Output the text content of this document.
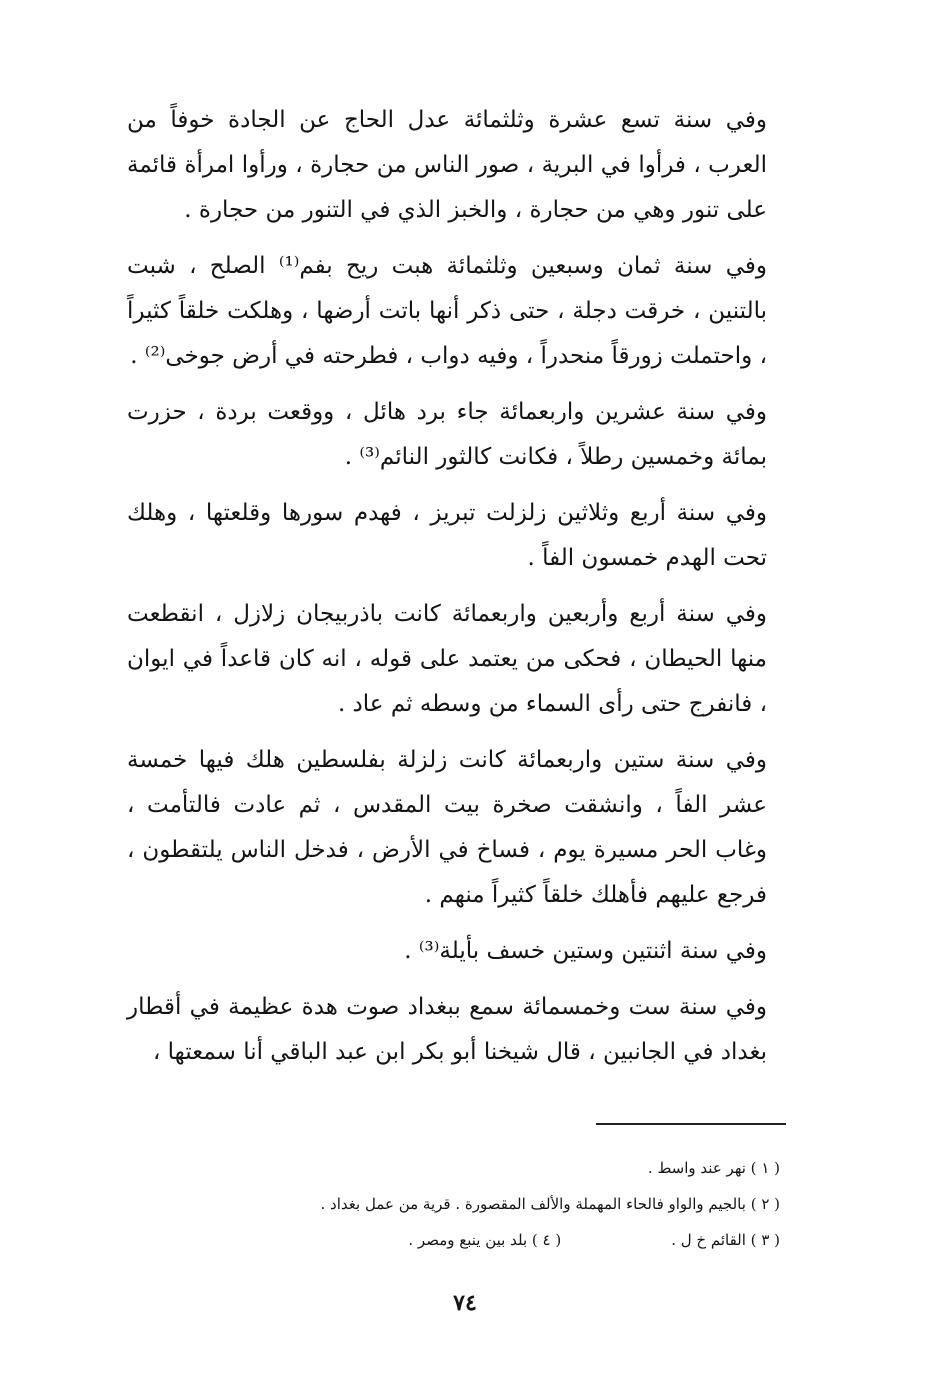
وفي سنة تسع عشرة وثلثمائة عدل الحاج عن الجادة خوفاً من العرب ، فرأوا في البرية ، صور الناس من حجارة ، ورأوا امرأة قائمة على تنور وهي من حجارة ، والخبز الذي في التنور من حجارة .

وفي سنة ثمان وسبعين وثلثمائة هبت ريح بفم⁽¹⁾ الصلح ، شبت بالتنين ، خرقت دجلة ، حتى ذكر أنها باتت أرضها ، وهلكت خلقاً كثيراً ، واحتملت زورقاً منحدراً ، وفيه دواب ، فطرحته في أرض جوخى⁽²⁾ .

وفي سنة عشرين واربعمائة جاء برد هائل ، ووقعت بردة ، حزرت بمائة وخمسين رطلاً ، فكانت كالثور النائم⁽³⁾ .

وفي سنة أربع وثلاثين زلزلت تبريز ، فهدم سورها وقلعتها ، وهلك تحت الهدم خمسون الفاً .

وفي سنة أربع وأربعين واربعمائة كانت باذربيجان زلازل ، انقطعت منها الحيطان ، فحكى من يعتمد على قوله ، انه كان قاعداً في ايوان ، فانفرج حتى رأى السماء من وسطه ثم عاد .

وفي سنة ستين واربعمائة كانت زلزلة بفلسطين هلك فيها خمسة عشر الفاً ، وانشقت صخرة بيت المقدس ، ثم عادت فالتأمت ، وغاب الحر مسيرة يوم ، فساخ في الأرض ، فدخل الناس يلتقطون ، فرجع عليهم فأهلك خلقاً كثيراً منهم .

وفي سنة اثنتين وستين خسف بأيلة⁽³⁾ .

وفي سنة ست وخمسمائة سمع ببغداد صوت هدة عظيمة في أقطار بغداد في الجانبين ، قال شيخنا أبو بكر ابن عبد الباقي أنا سمعتها ،

( ١ ) نهر عند واسط .
( ٢ ) بالجيم والواو فالحاء المهملة والألف المقصورة . قرية من عمل بغداد .
( ٣ ) القائم خ ل .
( ٤ ) بلد بين ينبع ومصر .
٧٤
